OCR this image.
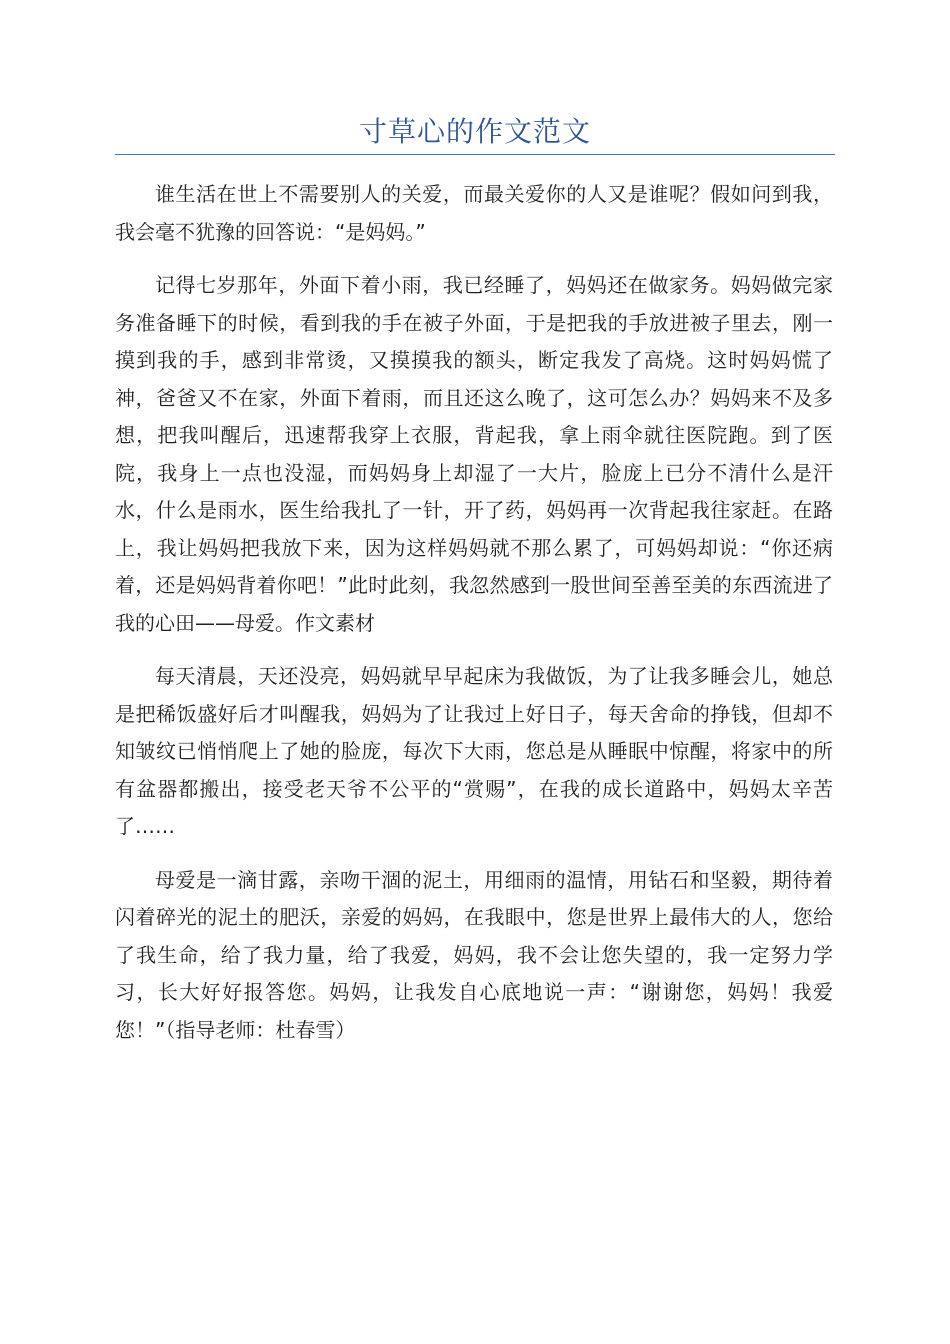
寸草心的作文范文

谁生活在世上不需要别人的关爱，而最关爱你的人又是谁呢？假如问到我，我会毫不犹豫的回答说：“是妈妈。”

记得七岁那年，外面下着小雨，我已经睡了，妈妈还在做家务。妈妈做完家务准备睡下的时候，看到我的手在被子外面，于是把我的手放进被子里去，刚一摸到我的手，感到非常烫，又摸摸我的额头，断定我发了高烧。这时妈妈慌了神，爸爸又不在家，外面下着雨，而且还这么晚了，这可怎么办？妈妈来不及多想，把我叫醒后，迅速帮我穿上衣服，背起我，拿上雨伞就往医院跑。到了医院，我身上一点也没湿，而妈妈身上却湿了一大片，脸庞上已分不清什么是汗水，什么是雨水，医生给我扎了一针，开了药，妈妈再一次背起我往家赶。在路上，我让妈妈把我放下来，因为这样妈妈就不那么累了，可妈妈却说：“你还病着，还是妈妈背着你吧！”此时此刻，我忽然感到一股世间至善至美的东西流进了我的心田——母爱。作文素材

每天清晨，天还没亮，妈妈就早早起床为我做饭，为了让我多睡会儿，她总是把稀饭盛好后才叫醒我，妈妈为了让我过上好日子，每天舍命的挣钱，但却不知皱纹已悄悄爬上了她的脸庞，每次下大雨，您总是从睡眠中惊醒，将家中的所有盆器都搬出，接受老天爷不公平的“赏赐”，在我的成长道路中，妈妈太辛苦了……

母爱是一滴甘露，亲吻干涸的泥土，用细雨的温情，用钻石和坚毅，期待着闪着碎光的泥土的肥沃，亲爱的妈妈，在我眼中，您是世界上最伟大的人，您给了我生命，给了我力量，给了我爱，妈妈，我不会让您失望的，我一定努力学习，长大好好报答您。妈妈，让我发自心底地说一声：“谢谢您，妈妈！我爱您！”（指导老师：杜春雪）
